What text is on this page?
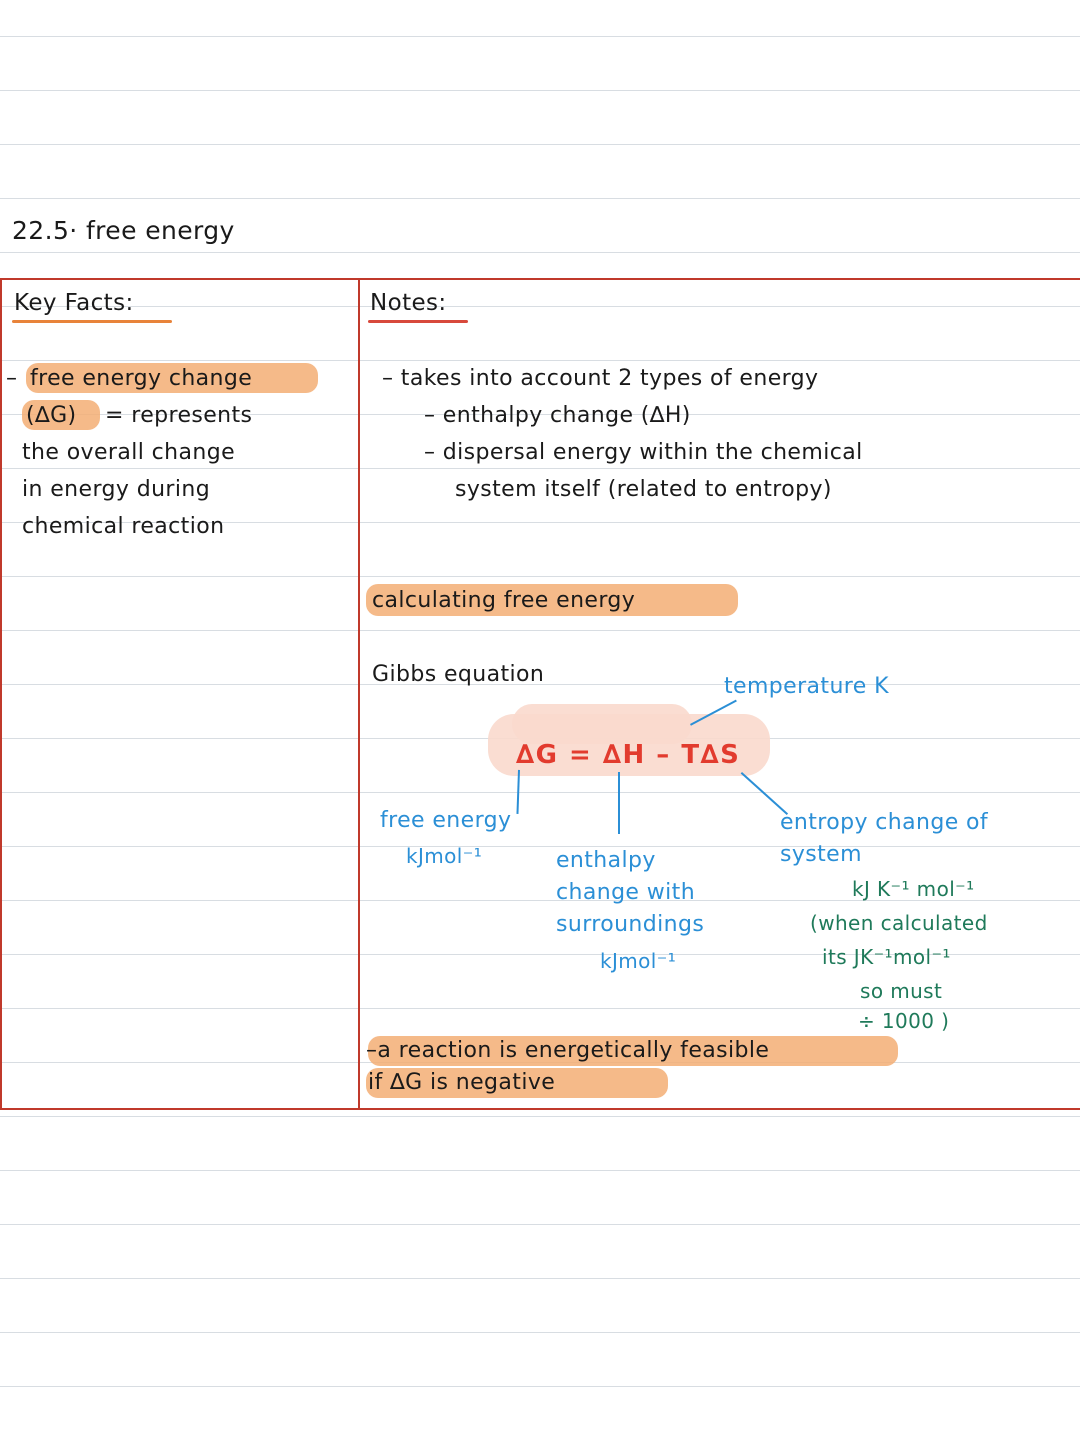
22.5· free energy
Key Facts:	Notes:
– free energy change
(∆G) = represents
the overall change
in energy during
chemical reaction
– takes into account 2 types of energy
– enthalpy change (∆H)
– dispersal energy within the chemical
system itself (related to entropy)
calculating free energy
Gibbs equation
∆G = ∆H – T∆S
temperature K
free energy
kJmol⁻¹	enthalpy
change with
surroundings
kJmol⁻¹
entropy change of
system
kJ K⁻¹ mol⁻¹
(when calculated
its JK⁻¹mol⁻¹
so must
÷ 1000 )
–a reaction is energetically feasible
if ∆G is negative
